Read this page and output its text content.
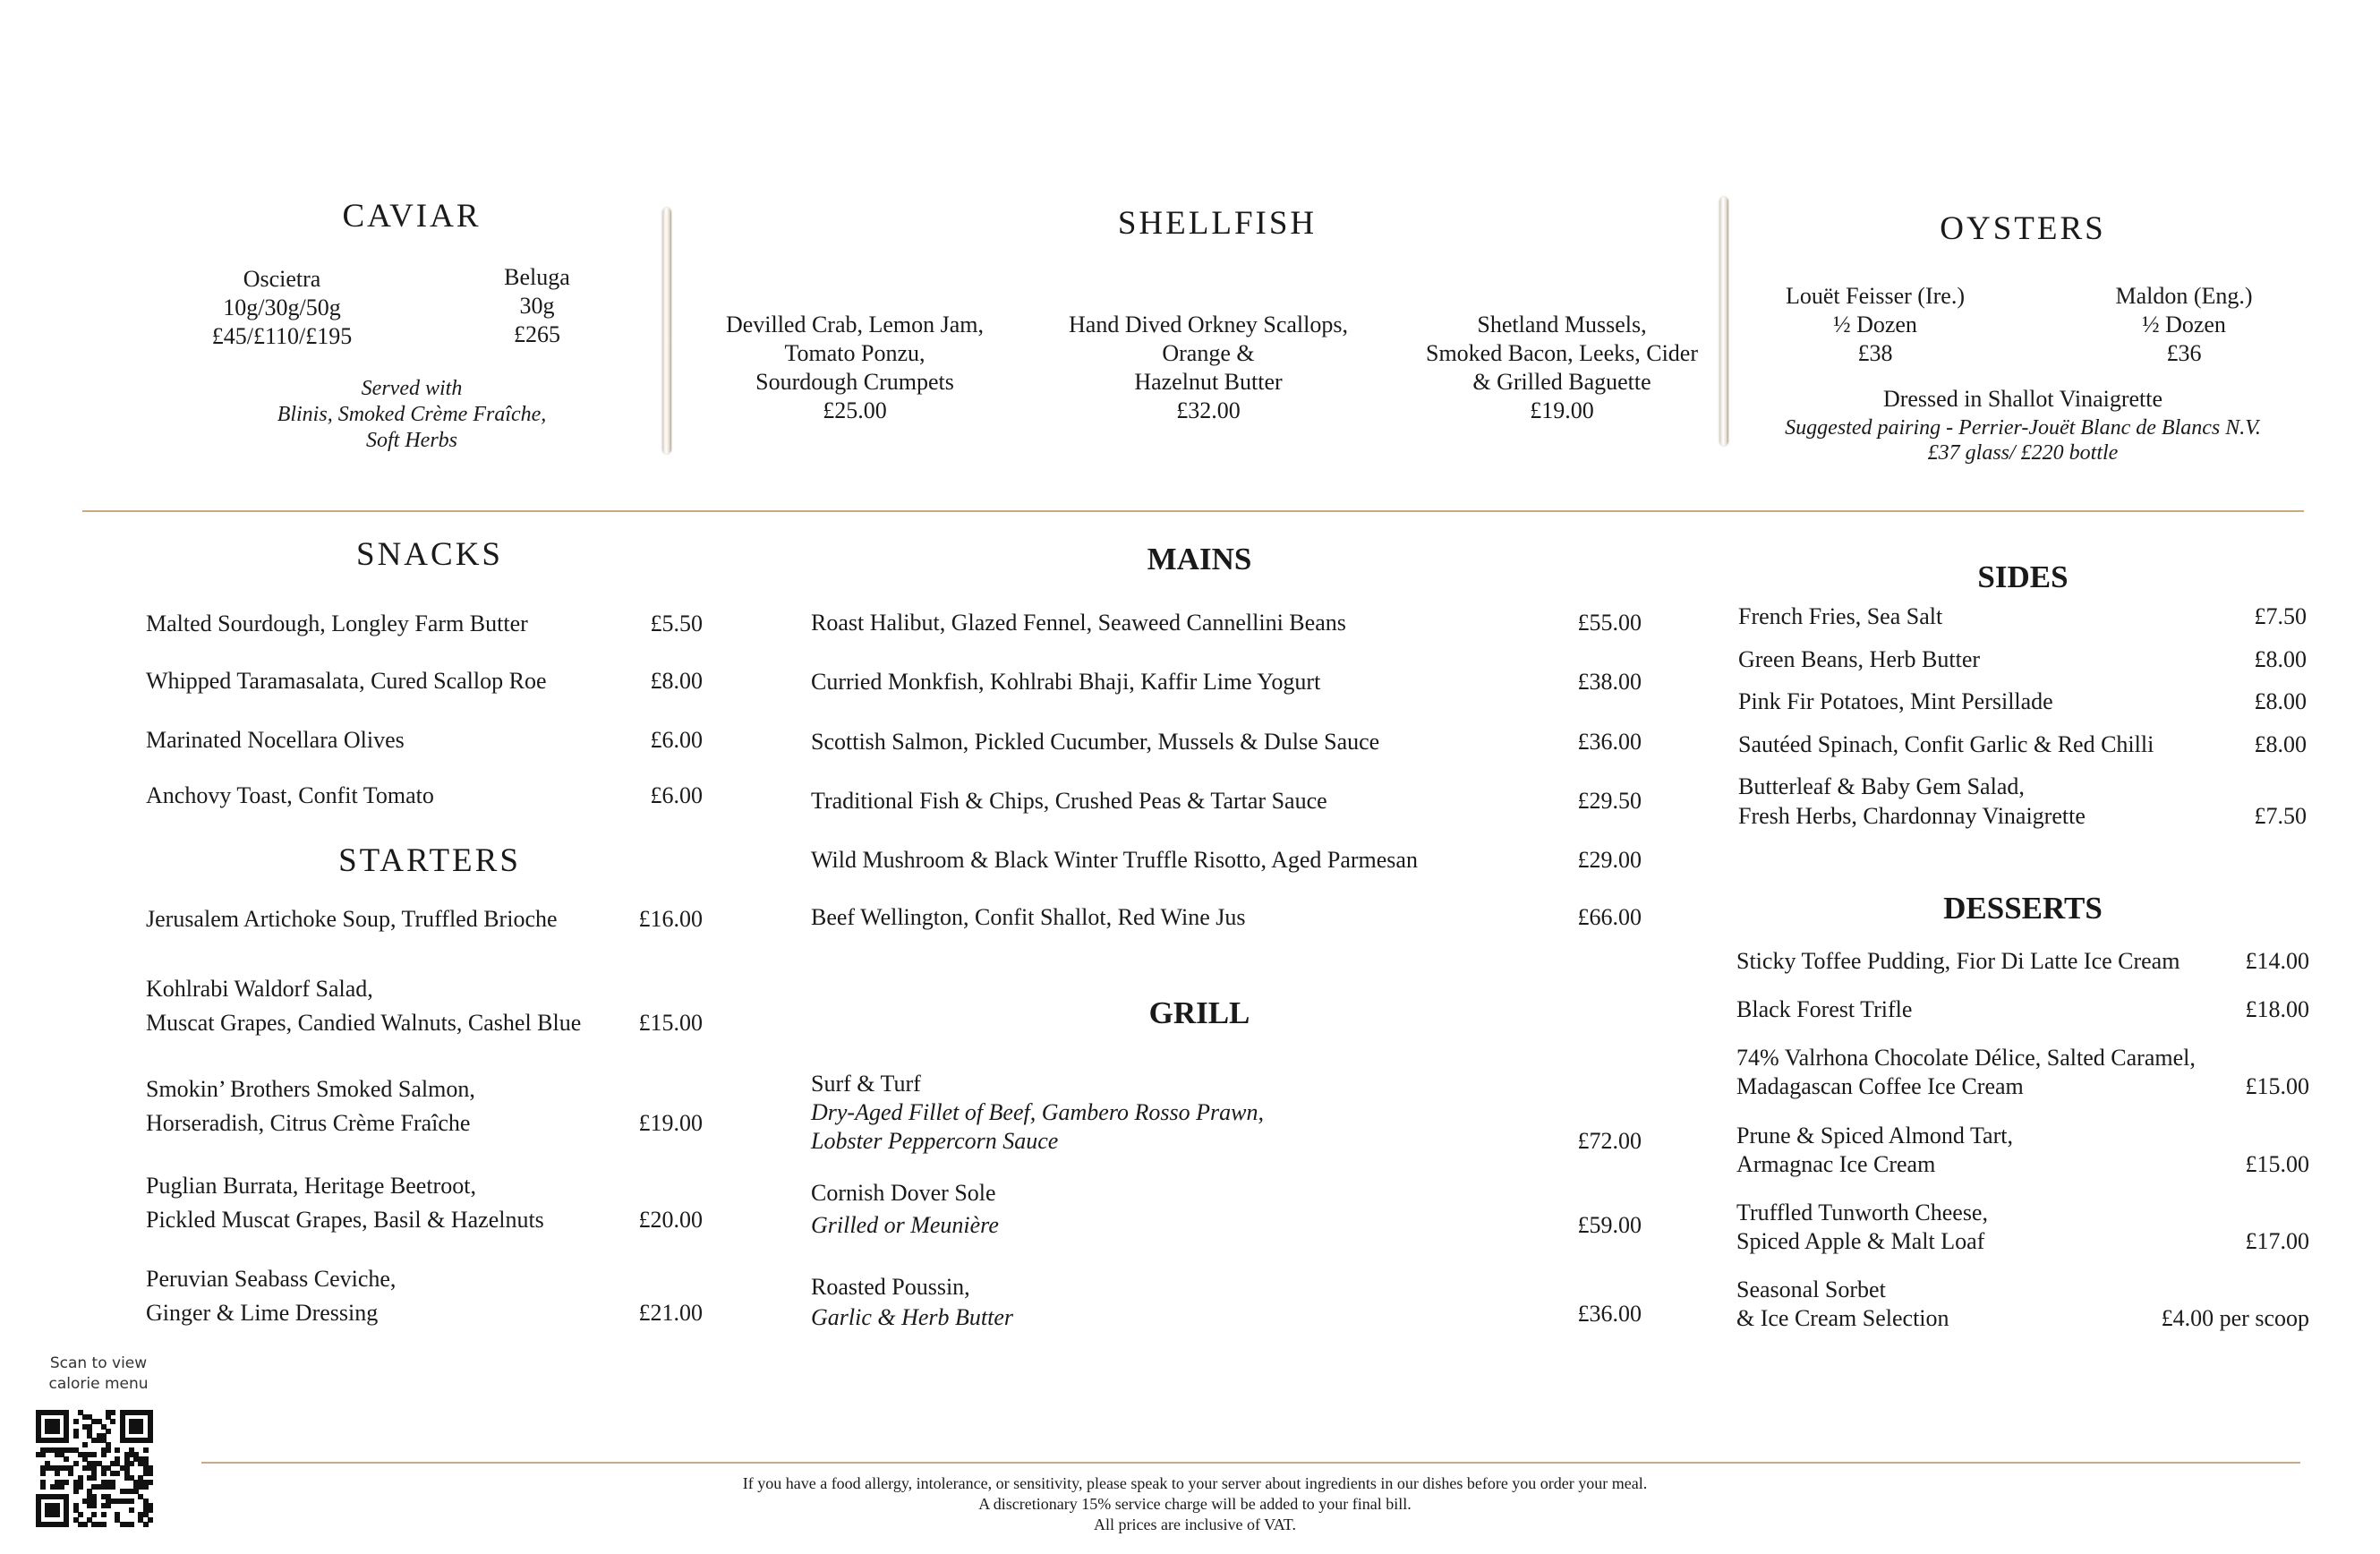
CAVIAR
Oscietra
10g/30g/50g
£45/£110/£195
Beluga
30g
£265
Served with
Blinis, Smoked Crème Fraîche,
Soft Herbs
SHELLFISH
Devilled Crab, Lemon Jam,
Tomato Ponzu,
Sourdough Crumpets
£25.00
Hand Dived Orkney Scallops,
Orange &
Hazelnut Butter
£32.00
Shetland Mussels,
Smoked Bacon, Leeks, Cider
& Grilled Baguette
£19.00
OYSTERS
Louët Feisser (Ire.)
½ Dozen
£38
Maldon (Eng.)
½ Dozen
£36
Dressed in Shallot Vinaigrette
Suggested pairing - Perrier-Jouët Blanc de Blancs N.V.
£37 glass/ £220 bottle
SNACKS
Malted Sourdough, Longley Farm Butter	£5.50
Whipped Taramasalata, Cured Scallop Roe	£8.00
Marinated Nocellara Olives	£6.00
Anchovy Toast, Confit Tomato	£6.00
STARTERS
Jerusalem Artichoke Soup, Truffled Brioche	£16.00
Kohlrabi Waldorf Salad,
Muscat Grapes, Candied Walnuts, Cashel Blue £15.00
Smokin’ Brothers Smoked Salmon,
Horseradish, Citrus Crème Fraîche	£19.00
Puglian Burrata, Heritage Beetroot,
Pickled Muscat Grapes, Basil & Hazelnuts	£20.00
Peruvian Seabass Ceviche,
Ginger & Lime Dressing	£21.00
MAINS
Roast Halibut, Glazed Fennel, Seaweed Cannellini Beans	£55.00
Curried Monkfish, Kohlrabi Bhaji, Kaffir Lime Yogurt	£38.00
Scottish Salmon, Pickled Cucumber, Mussels & Dulse Sauce	£36.00
Traditional Fish & Chips, Crushed Peas & Tartar Sauce	£29.50
Wild Mushroom & Black Winter Truffle Risotto, Aged Parmesan	£29.00
Beef Wellington, Confit Shallot, Red Wine Jus	£66.00
GRILL
Surf & Turf
Dry-Aged Fillet of Beef, Gambero Rosso Prawn,
Lobster Peppercorn Sauce	£72.00
Cornish Dover Sole
Grilled or Meunière	£59.00
Roasted Poussin,
Garlic & Herb Butter	£36.00
SIDES
French Fries, Sea Salt	£7.50
Green Beans, Herb Butter	£8.00
Pink Fir Potatoes, Mint Persillade	£8.00
Sautéed Spinach, Confit Garlic & Red Chilli	£8.00
Butterleaf & Baby Gem Salad,
Fresh Herbs, Chardonnay Vinaigrette	£7.50
DESSERTS
Sticky Toffee Pudding, Fior Di Latte Ice Cream	£14.00
Black Forest Trifle	£18.00
74% Valrhona Chocolate Délice, Salted Caramel,
Madagascan Coffee Ice Cream	£15.00
Prune & Spiced Almond Tart,
Armagnac Ice Cream	£15.00
Truffled Tunworth Cheese,
Spiced Apple & Malt Loaf	£17.00
Seasonal Sorbet
& Ice Cream Selection	£4.00 per scoop
Scan to view
calorie menu
If you have a food allergy, intolerance, or sensitivity, please speak to your server about ingredients in our dishes before you order your meal.
A discretionary 15% service charge will be added to your final bill.
All prices are inclusive of VAT.
